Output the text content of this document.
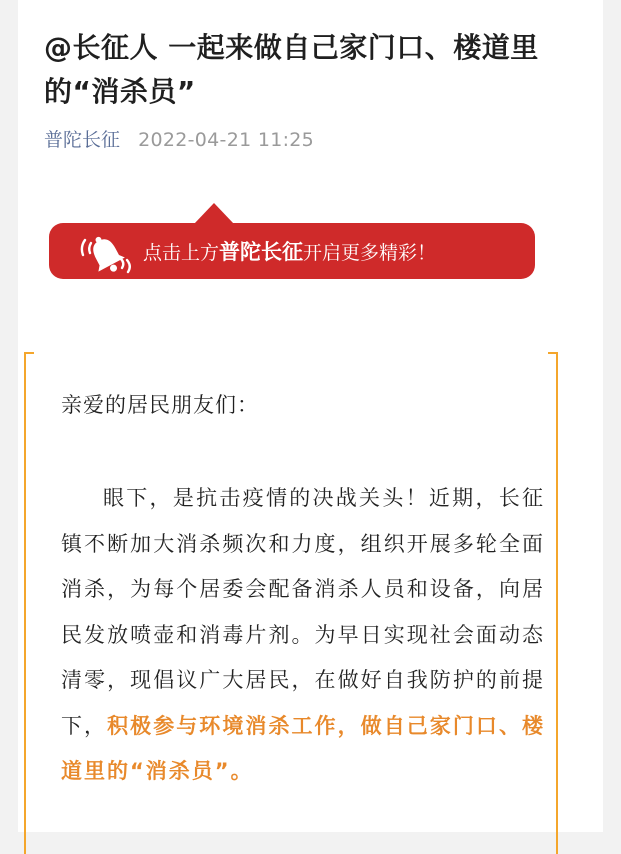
@长征人 一起来做自己家门口、楼道里的“消杀员”
普陀长征 2022-04-21 11:25
点击上方普陀长征开启更多精彩！
亲爱的居民朋友们：

眼下，是抗击疫情的决战关头！近期，长征镇不断加大消杀频次和力度，组织开展多轮全面消杀，为每个居委会配备消杀人员和设备，向居民发放喷壶和消毒片剂。为早日实现社会面动态清零，现倡议广大居民，在做好自我防护的前提下，积极参与环境消杀工作，做自己家门口、楼道里的“消杀员”。
